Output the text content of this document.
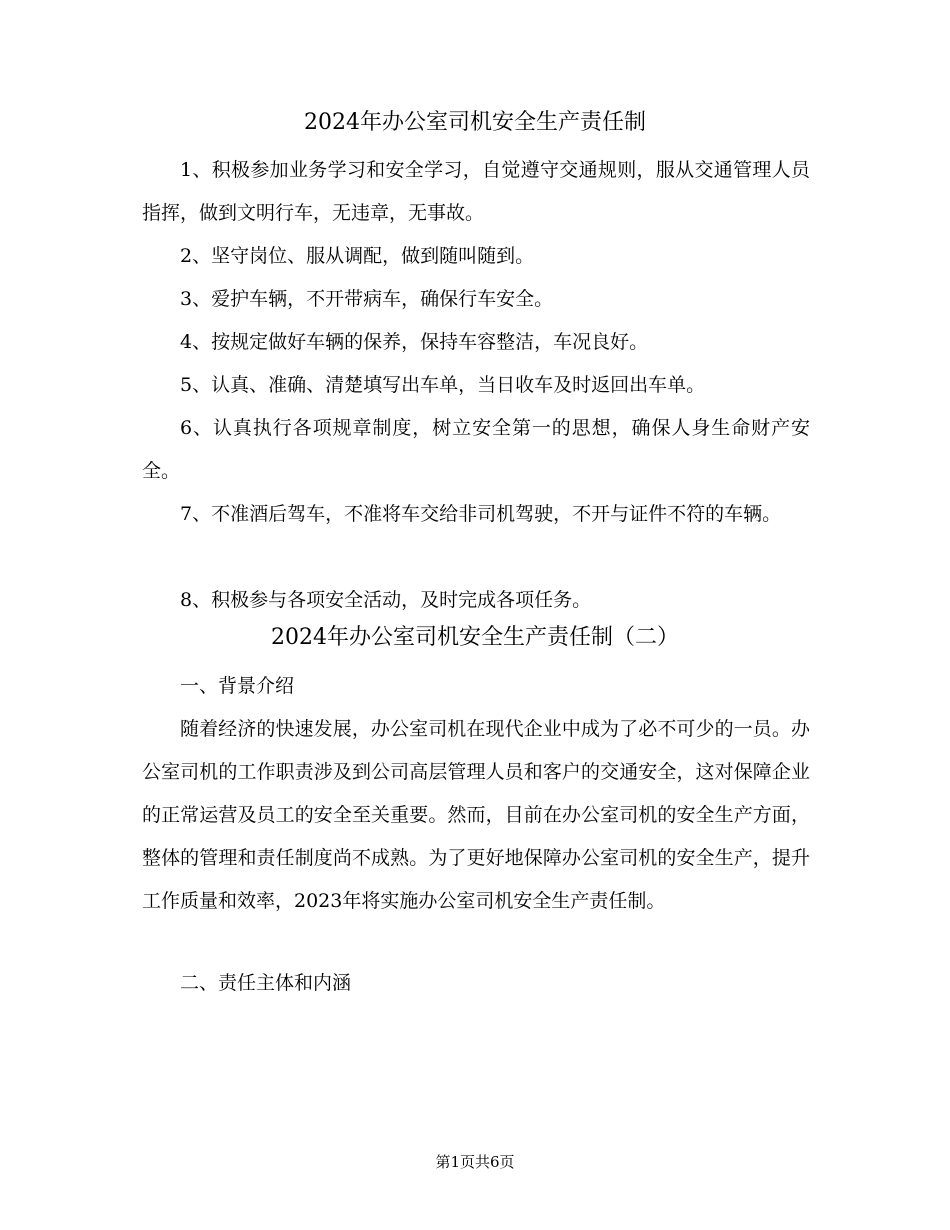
2024年办公室司机安全生产责任制
1、积极参加业务学习和安全学习，自觉遵守交通规则，服从交通管理人员指挥，做到文明行车，无违章，无事故。
2、坚守岗位、服从调配，做到随叫随到。
3、爱护车辆，不开带病车，确保行车安全。
4、按规定做好车辆的保养，保持车容整洁，车况良好。
5、认真、准确、清楚填写出车单，当日收车及时返回出车单。
6、认真执行各项规章制度，树立安全第一的思想，确保人身生命财产安全。
7、不准酒后驾车，不准将车交给非司机驾驶，不开与证件不符的车辆。
8、积极参与各项安全活动，及时完成各项任务。
2024年办公室司机安全生产责任制（二）
一、背景介绍
随着经济的快速发展，办公室司机在现代企业中成为了必不可少的一员。办公室司机的工作职责涉及到公司高层管理人员和客户的交通安全，这对保障企业的正常运营及员工的安全至关重要。然而，目前在办公室司机的安全生产方面，整体的管理和责任制度尚不成熟。为了更好地保障办公室司机的安全生产，提升工作质量和效率，2023年将实施办公室司机安全生产责任制。
二、责任主体和内涵
第1页共6页
